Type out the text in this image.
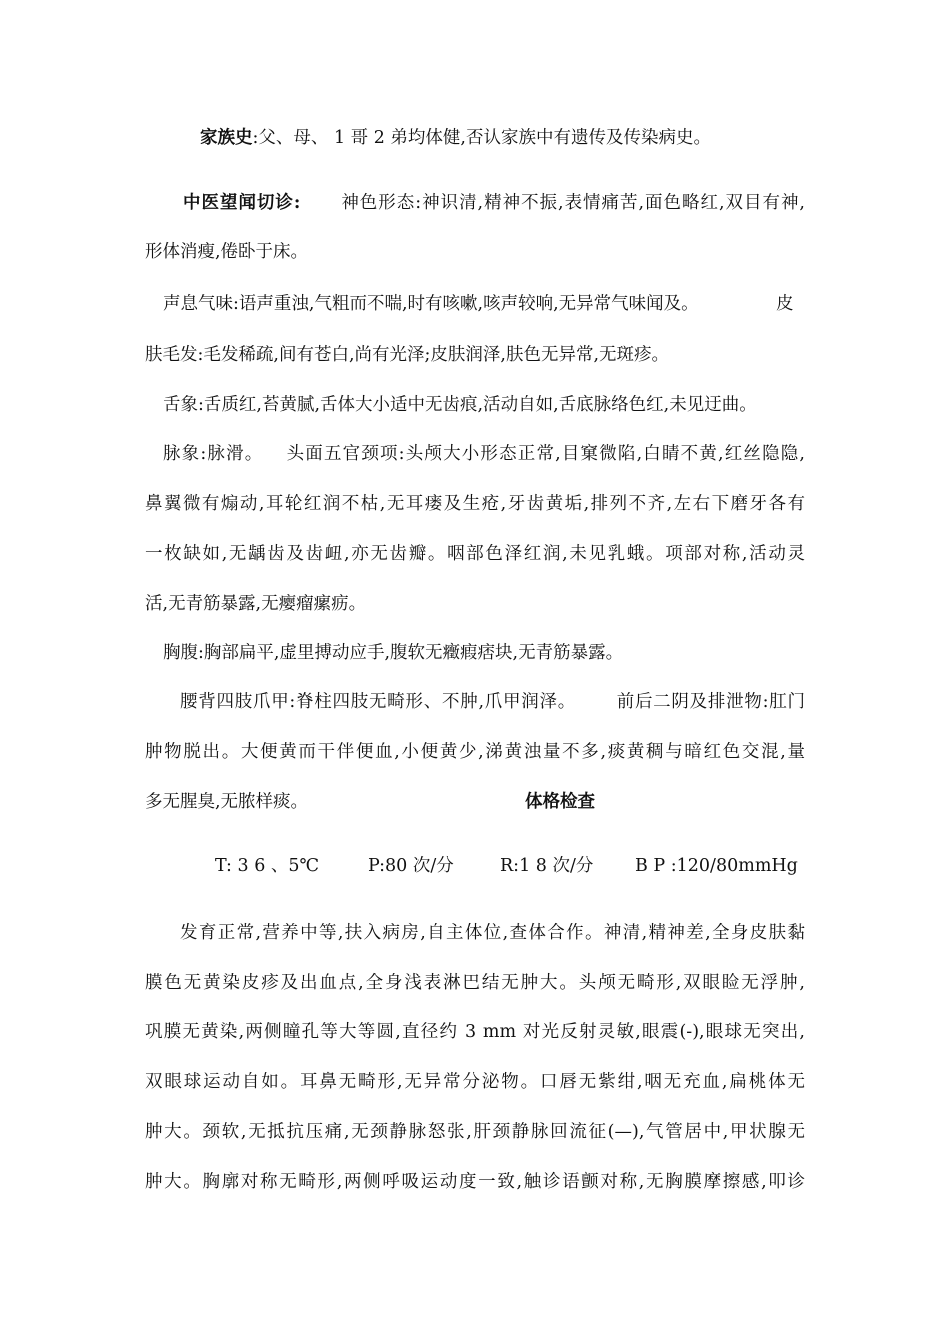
家族史:父、母、 1 哥 2 弟均体健,否认家族中有遗传及传染病史。
中医望闻切诊: 神色形态:神识清,精神不振,表情痛苦,面色略红,双目有神,
形体消瘦,倦卧于床。
声息气味:语声重浊,气粗而不喘,时有咳嗽,咳声较响,无异常气味闻及。	皮
肤毛发:毛发稀疏,间有苍白,尚有光泽;皮肤润泽,肤色无异常,无斑疹。
舌象:舌质红,苔黄腻,舌体大小适中无齿痕,活动自如,舌底脉络色红,未见迂曲。
脉象:脉滑。 头面五官颈项:头颅大小形态正常,目窠微陷,白睛不黄,红丝隐隐,
鼻翼微有煽动,耳轮红润不枯,无耳瘘及生疮,牙齿黄垢,排列不齐,左右下磨牙各有
一枚缺如,无龋齿及齿衄,亦无齿瓣。咽部色泽红润,未见乳蛾。项部对称,活动灵
活,无青筋暴露,无瘿瘤瘰疬。
胸腹:胸部扁平,虚里搏动应手,腹软无癥瘕痞块,无青筋暴露。
腰背四肢爪甲:脊柱四肢无畸形、不肿,爪甲润泽。 前后二阴及排泄物:肛门
肿物脱出。大便黄而干伴便血,小便黄少,涕黄浊量不多,痰黄稠与暗红色交混,量
多无腥臭,无脓样痰。	体格检查
T: 3 6 、5℃	P:80 次/分	R:1 8 次/分 B P :120/80mmHg
发育正常,营养中等,扶入病房,自主体位,查体合作。神清,精神差,全身皮肤黏
膜色无黄染皮疹及出血点,全身浅表淋巴结无肿大。头颅无畸形,双眼睑无浮肿,
巩膜无黄染,两侧瞳孔等大等圆,直径约 3 mm 对光反射灵敏,眼震(-),眼球无突出,
双眼球运动自如。耳鼻无畸形,无异常分泌物。口唇无紫绀,咽无充血,扁桃体无
肿大。颈软,无抵抗压痛,无颈静脉怒张,肝颈静脉回流征(—),气管居中,甲状腺无
肿大。胸廓对称无畸形,两侧呼吸运动度一致,触诊语颤对称,无胸膜摩擦感,叩诊
